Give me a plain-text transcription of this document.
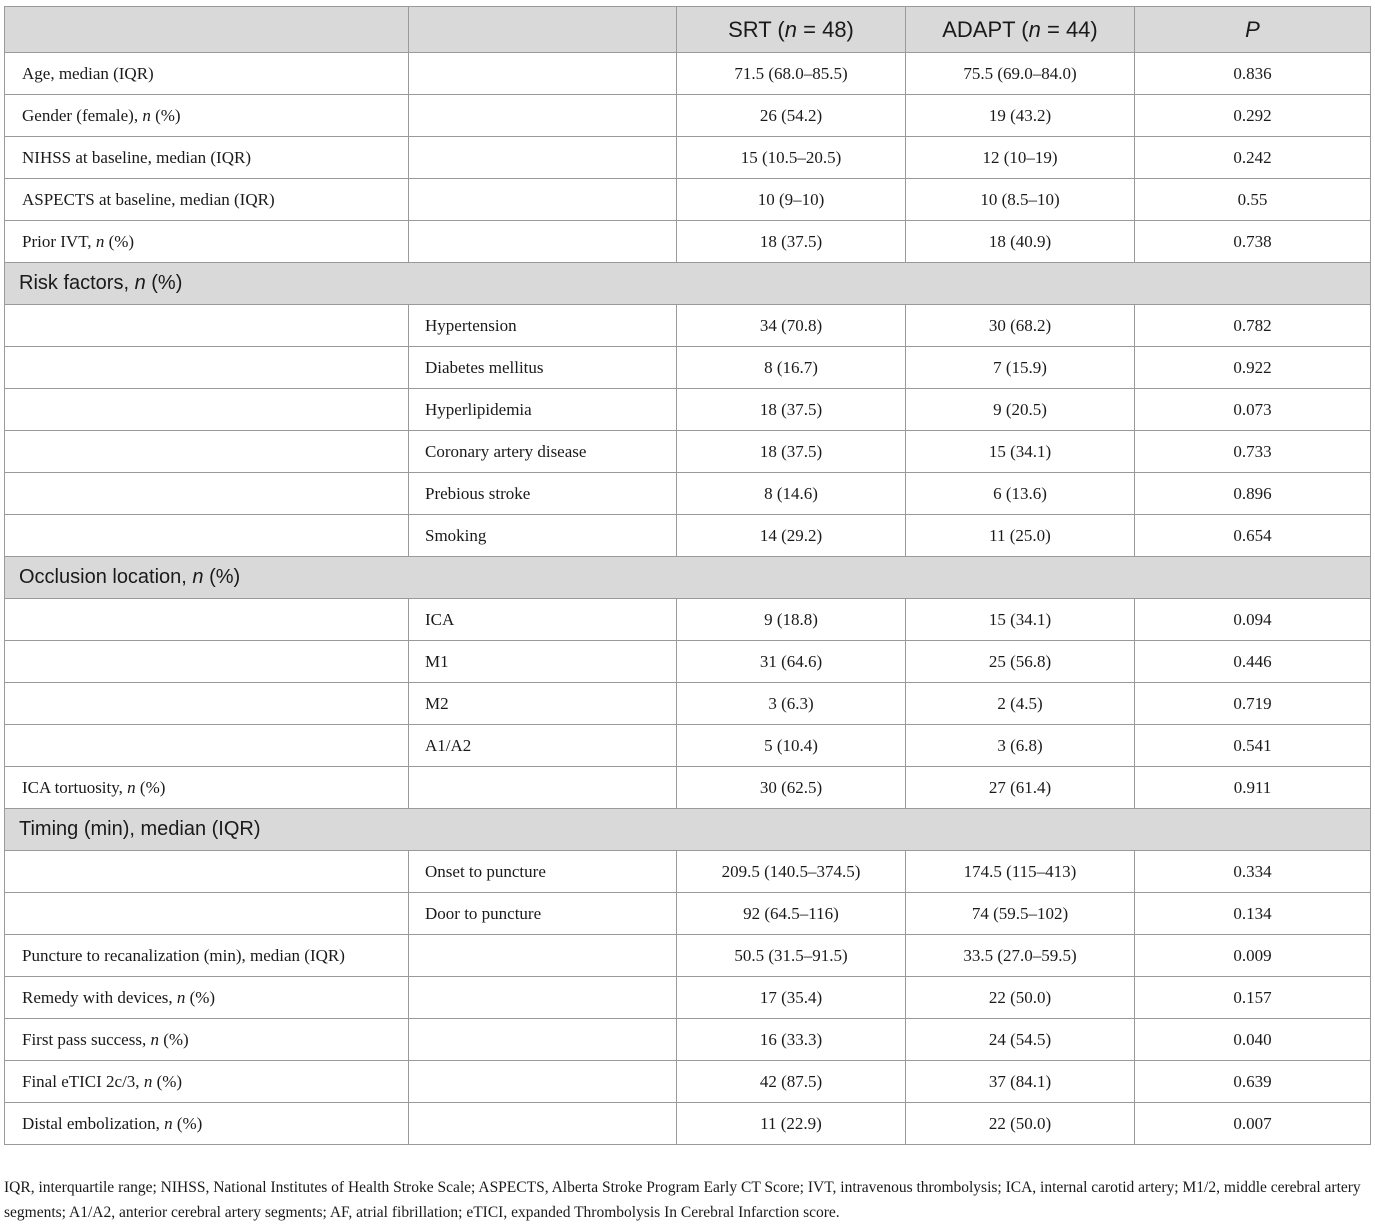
		SRT (n = 48)	ADAPT (n = 44)	P
Age, median (IQR)		71.5 (68.0–85.5)	75.5 (69.0–84.0)	0.836
Gender (female), n (%)		26 (54.2)	19 (43.2)	0.292
NIHSS at baseline, median (IQR)		15 (10.5–20.5)	12 (10–19)	0.242
ASPECTS at baseline, median (IQR)		10 (9–10)	10 (8.5–10)	0.55
Prior IVT, n (%)		18 (37.5)	18 (40.9)	0.738
Risk factors, n (%)				
	Hypertension	34 (70.8)	30 (68.2)	0.782
	Diabetes mellitus	8 (16.7)	7 (15.9)	0.922
	Hyperlipidemia	18 (37.5)	9 (20.5)	0.073
	Coronary artery disease	18 (37.5)	15 (34.1)	0.733
	Prebious stroke	8 (14.6)	6 (13.6)	0.896
	Smoking	14 (29.2)	11 (25.0)	0.654
Occlusion location, n (%)				
	ICA	9 (18.8)	15 (34.1)	0.094
	M1	31 (64.6)	25 (56.8)	0.446
	M2	3 (6.3)	2 (4.5)	0.719
	A1/A2	5 (10.4)	3 (6.8)	0.541
ICA tortuosity, n (%)		30 (62.5)	27 (61.4)	0.911
Timing (min), median (IQR)				
	Onset to puncture	209.5 (140.5–374.5)	174.5 (115–413)	0.334
	Door to puncture	92 (64.5–116)	74 (59.5–102)	0.134
Puncture to recanalization (min), median (IQR)		50.5 (31.5–91.5)	33.5 (27.0–59.5)	0.009
Remedy with devices, n (%)		17 (35.4)	22 (50.0)	0.157
First pass success, n (%)		16 (33.3)	24 (54.5)	0.040
Final eTICI 2c/3, n (%)		42 (87.5)	37 (84.1)	0.639
Distal embolization, n (%)		11 (22.9)	22 (50.0)	0.007
IQR, interquartile range; NIHSS, National Institutes of Health Stroke Scale; ASPECTS, Alberta Stroke Program Early CT Score; IVT, intravenous thrombolysis; ICA, internal carotid artery; M1/2, middle cerebral artery segments; A1/A2, anterior cerebral artery segments; AF, atrial fibrillation; eTICI, expanded Thrombolysis In Cerebral Infarction score.
